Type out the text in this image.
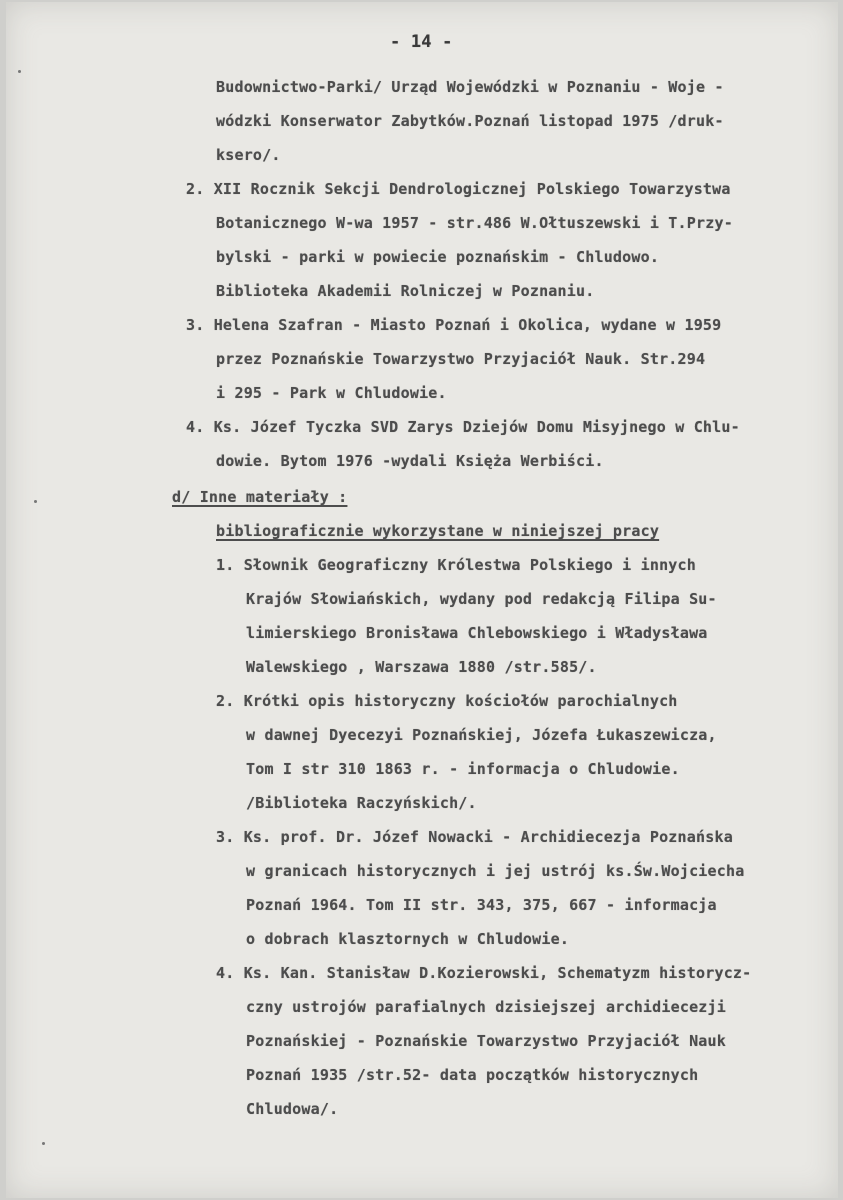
- 14 -
Budownictwo-Parki/ Urząd Wojewódzki w Poznaniu - Woje -
wódzki Konserwator Zabytków.Poznań listopad 1975 /druk-
ksero/.
2. XII Rocznik Sekcji Dendrologicznej Polskiego Towarzystwa
Botanicznego W-wa 1957 - str.486 W.Ołtuszewski i T.Przy-
bylski - parki w powiecie poznańskim - Chludowo.
Biblioteka Akademii Rolniczej w Poznaniu.
3. Helena Szafran - Miasto Poznań i Okolica, wydane w 1959
przez Poznańskie Towarzystwo Przyjaciół Nauk. Str.294
i 295 - Park w Chludowie.
4. Ks. Józef Tyczka SVD Zarys Dziejów Domu Misyjnego w Chlu-
dowie. Bytom 1976 -wydali Księża Werbiści.
d/ Inne materiały :
bibliograficznie wykorzystane w niniejszej pracy
1. Słownik Geograficzny Królestwa Polskiego i innych
Krajów Słowiańskich, wydany pod redakcją Filipa Su-
limierskiego Bronisława Chlebowskiego i Władysława
Walewskiego , Warszawa 1880 /str.585/.
2. Krótki opis historyczny kościołów parochialnych
w dawnej Dyecezyi Poznańskiej, Józefa Łukaszewicza,
Tom I str 310 1863 r. - informacja o Chludowie.
/Biblioteka Raczyńskich/.
3. Ks. prof. Dr. Józef Nowacki - Archidiecezja Poznańska
w granicach historycznych i jej ustrój ks.Św.Wojciecha
Poznań 1964. Tom II str. 343, 375, 667 - informacja
o dobrach klasztornych w Chludowie.
4. Ks. Kan. Stanisław D.Kozierowski, Schematyzm historycz-
czny ustrojów parafialnych dzisiejszej archidiecezji
Poznańskiej - Poznańskie Towarzystwo Przyjaciół Nauk
Poznań 1935 /str.52- data początków historycznych
Chludowa/.
